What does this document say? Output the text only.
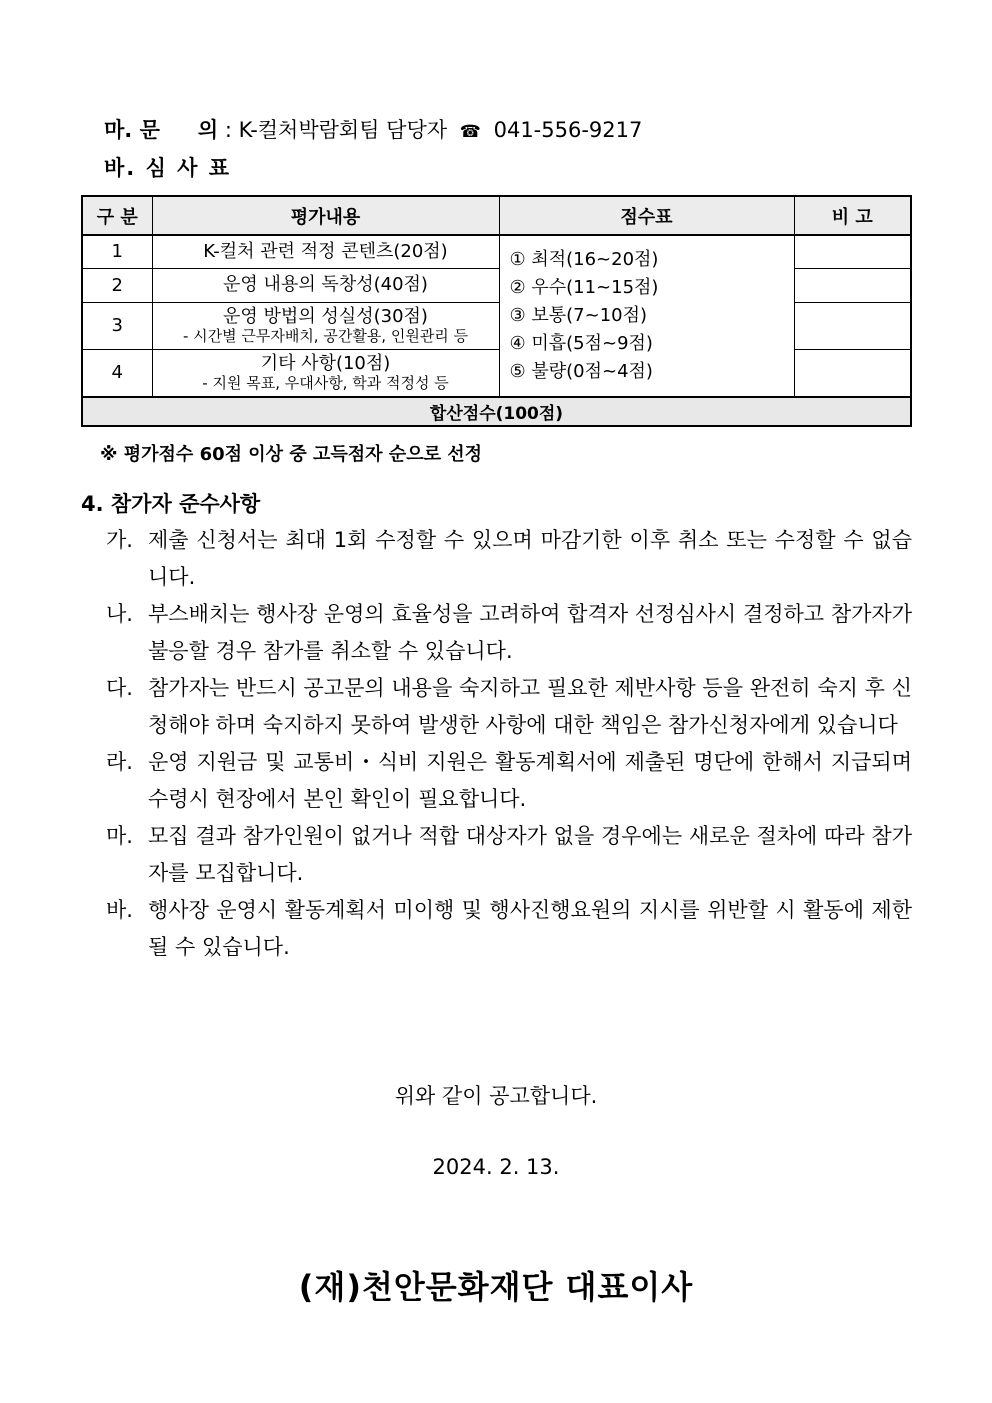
마. 문 의 : K-컬처박람회팀 담당자 ☎ 041-556-9217
바. 심 사 표
구 분	평가내용	점수표	비 고
1	K-컬처 관련 적정 콘텐츠(20점)	① 최적(16~20점)
② 우수(11~15점)
③ 보통(7~10점)
④ 미흡(5점~9점)
⑤ 불량(0점~4점)	

2	운영 내용의 독창성(40점)		

3	운영 방법의 성실성(30점)
- 시간별 근무자배치, 공간활용, 인원관리 등		

4	기타 사항(10점)
- 지원 목표, 우대사항, 학과 적정성 등		

합산점수(100점)			
※ 평가점수 60점 이상 중 고득점자 순으로 선정
4. 참가자 준수사항

가. 제출 신청서는 최대 1회 수정할 수 있으며 마감기한 이후 취소 또는 수정할 수 없습니다.

나. 부스배치는 행사장 운영의 효율성을 고려하여 합격자 선정심사시 결정하고 참가자가 불응할 경우 참가를 취소할 수 있습니다.

다. 참가자는 반드시 공고문의 내용을 숙지하고 필요한 제반사항 등을 완전히 숙지 후 신청해야 하며 숙지하지 못하여 발생한 사항에 대한 책임은 참가신청자에게 있습니다

라. 운영 지원금 및 교통비・식비 지원은 활동계획서에 제출된 명단에 한해서 지급되며 수령시 현장에서 본인 확인이 필요합니다.

마. 모집 결과 참가인원이 없거나 적합 대상자가 없을 경우에는 새로운 절차에 따라 참가자를 모집합니다.

바. 행사장 운영시 활동계획서 미이행 및 행사진행요원의 지시를 위반할 시 활동에 제한될 수 있습니다.

위와 같이 공고합니다.
2024. 2. 13.
(재)천안문화재단 대표이사
